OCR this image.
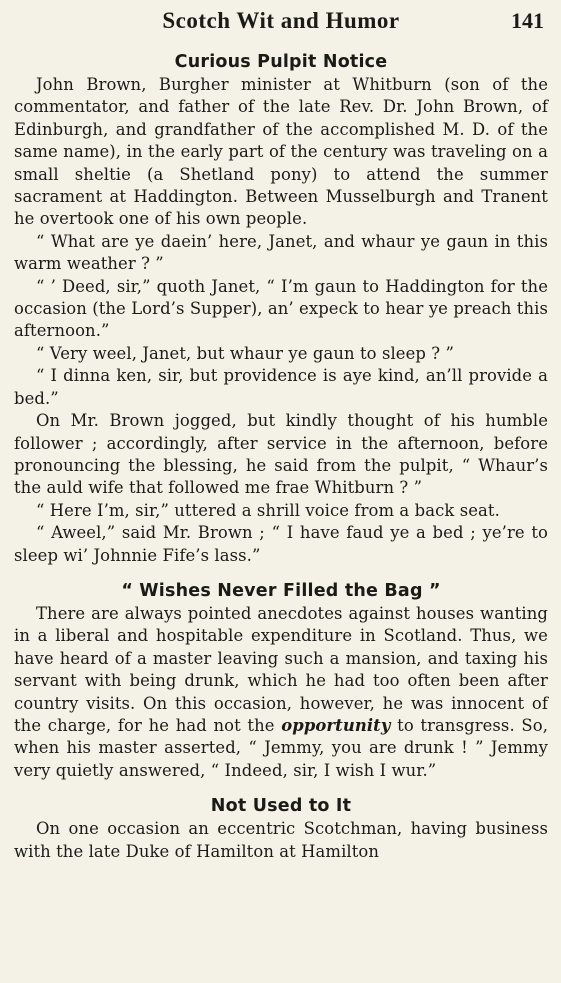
Scotch Wit and Humor	141
Curious Pulpit Notice

John Brown, Burgher minister at Whitburn (son of the commentator, and father of the late Rev. Dr. John Brown, of Edinburgh, and grandfather of the accomplished M. D. of the same name), in the early part of the century was traveling on a small sheltie (a Shetland pony) to attend the summer sacrament at Haddington. Between Musselburgh and Tranent he overtook one of his own people.

“ What are ye daein’ here, Janet, and whaur ye gaun in this warm weather ? ”

“ ’ Deed, sir,” quoth Janet, “ I’m gaun to Haddington for the occasion (the Lord’s Supper), an’ expeck to hear ye preach this afternoon.”

“ Very weel, Janet, but whaur ye gaun to sleep ? ”

“ I dinna ken, sir, but providence is aye kind, an’ll provide a bed.”

On Mr. Brown jogged, but kindly thought of his humble follower ; accordingly, after service in the afternoon, before pronouncing the blessing, he said from the pulpit, “ Whaur’s the auld wife that followed me frae Whitburn ? ”

“ Here I’m, sir,” uttered a shrill voice from a back seat.

“ Aweel,” said Mr. Brown ; “ I have faud ye a bed ; ye’re to sleep wi’ Johnnie Fife’s lass.”

“ Wishes Never Filled the Bag ”

There are always pointed anecdotes against houses wanting in a liberal and hospitable expenditure in Scotland. Thus, we have heard of a master leaving such a mansion, and taxing his servant with being drunk, which he had too often been after country visits. On this occasion, however, he was innocent of the charge, for he had not the opportunity to transgress. So, when his master asserted, “ Jemmy, you are drunk ! ” Jemmy very quietly answered, “ Indeed, sir, I wish I wur.”

Not Used to It

On one occasion an eccentric Scotchman, having business with the late Duke of Hamilton at Hamilton
